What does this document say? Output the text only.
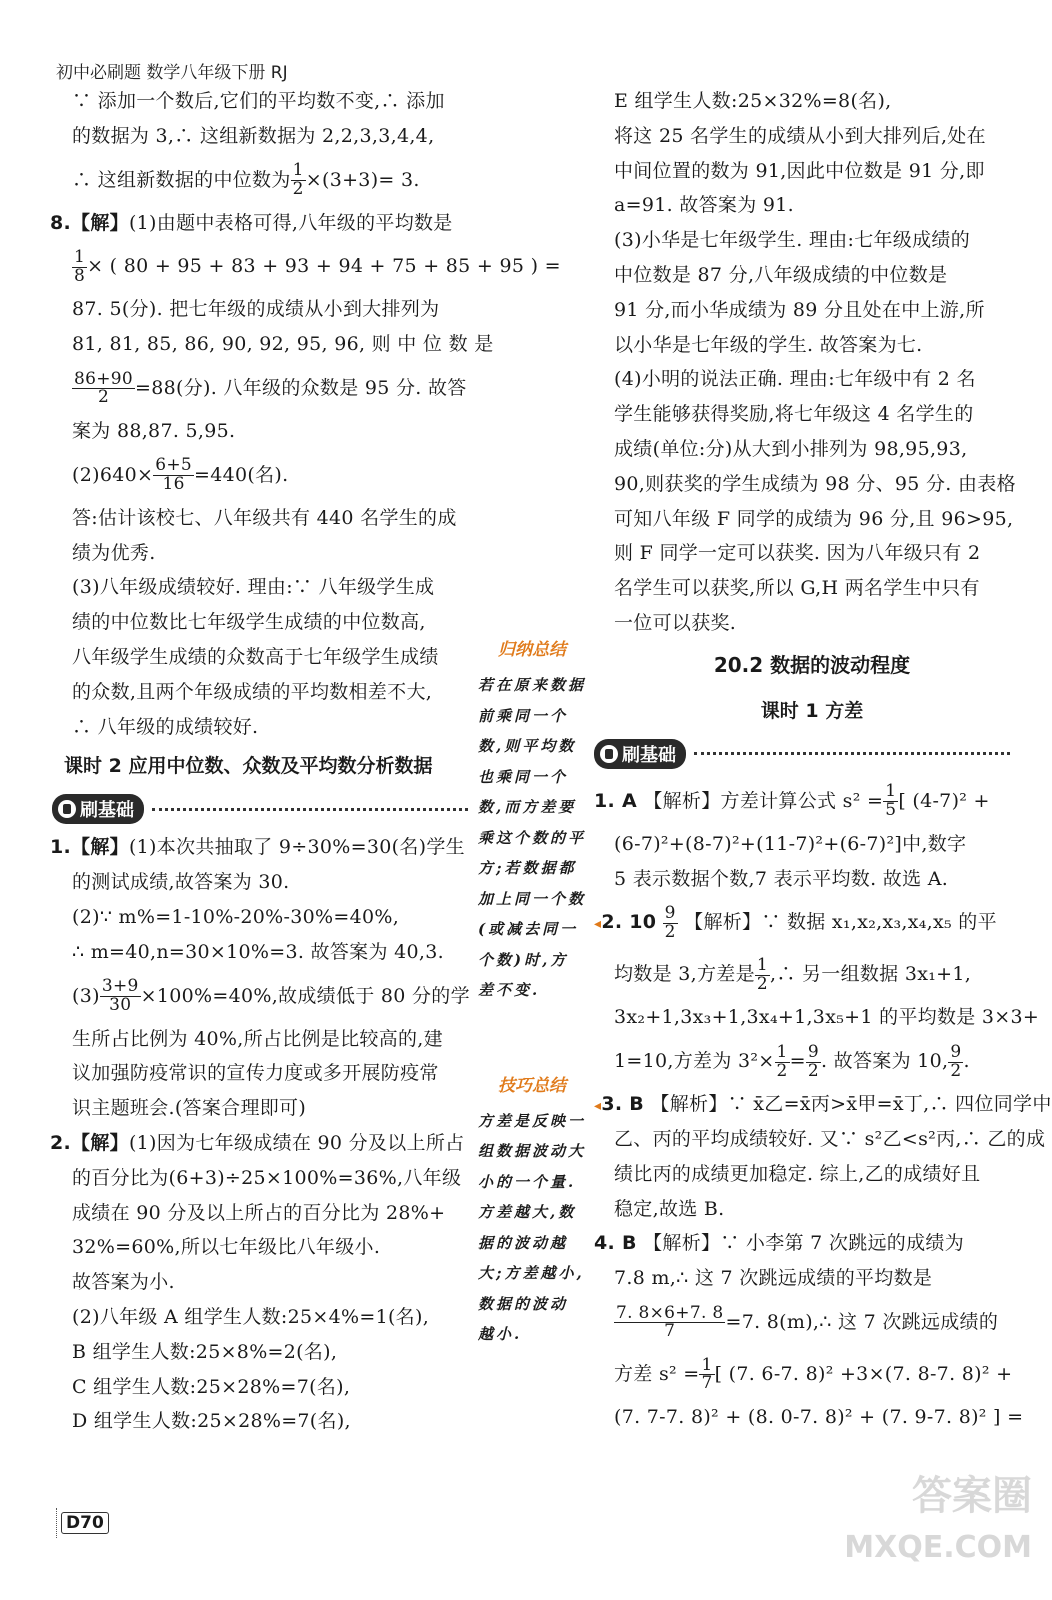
初中必刷题 数学八年级下册 RJ
∵ 添加一个数后,它们的平均数不变,∴ 添加
的数据为 3,∴ 这组新数据为 2,2,3,3,4,4,
∴ 这组新数据的中位数为 $\frac{1}{2} \times(3+3)= 3$.
8.【解】(1)由题中表格可得,八年级的平均数是
$\frac{1}{8}$ × ( 80 + 95 + 83 + 93 + 94 + 75 + 85 + 95 ) =
87. 5(分). 把七年级的成绩从小到大排列为
81, 81, 85, 86, 90, 92, 95, 96, 则 中 位 数 是
$\frac{86+90}{2} =88$(分). 八年级的众数是 95 分. 故答
案为 88,87. 5,95.
$(2)640\times \frac{6+5}{16} =440$(名).
答:估计该校七、八年级共有 440 名学生的成
绩为优秀.
(3)八年级成绩较好. 理由:∵ 八年级学生成
绩的中位数比七年级学生成绩的中位数高,
八年级学生成绩的众数高于七年级学生成绩
的众数,且两个年级成绩的平均数相差不大,
∴ 八年级的成绩较好.
课时 2 应用中位数、众数及平均数分析数据
刷基础
1.【解】(1)本次共抽取了 9÷30%=30(名)学生
的测试成绩,故答案为 30.
(2)∵ m%=1-10%-20%-30%=40%,
∴ m=40,n=30×10%=3. 故答案为 40,3.
$(3) \frac{3+9}{30} \times 100\%=40\%$,故成绩低于 80 分的学
生所占比例为 40%,所占比例是比较高的,建
议加强防疫常识的宣传力度或多开展防疫常
识主题班会.(答案合理即可)
2.【解】(1)因为七年级成绩在 90 分及以上所占
的百分比为(6+3)÷25×100%=36%,八年级
成绩在 90 分及以上所占的百分比为 28%+
32%=60%,所以七年级比八年级小.
故答案为小.
(2)八年级 A 组学生人数:25×4%=1(名),
B 组学生人数:25×8%=2(名),
C 组学生人数:25×28%=7(名),
D 组学生人数:25×28%=7(名),
归纳总结
若在原来数据
前乘同一个
数,则平均数
也乘同一个
数,而方差要
乘这个数的平
方;若数据都
加上同一个数
(或减去同一
个数)时,方
差不变.
技巧总结
方差是反映一
组数据波动大
小的一个量.
方差越大,数
据的波动越
大;方差越小,
数据的波动
越小.
E 组学生人数:25×32%=8(名),
将这 25 名学生的成绩从小到大排列后,处在
中间位置的数为 91,因此中位数是 91 分,即
a=91. 故答案为 91.
(3)小华是七年级学生. 理由:七年级成绩的
中位数是 87 分,八年级成绩的中位数是
91 分,而小华成绩为 89 分且处在中上游,所
以小华是七年级的学生. 故答案为七.
(4)小明的说法正确. 理由:七年级中有 2 名
学生能够获得奖励,将七年级这 4 名学生的
成绩(单位:分)从大到小排列为 98,95,93,
90,则获奖的学生成绩为 98 分、95 分. 由表格
可知八年级 F 同学的成绩为 96 分,且 96>95,
则 F 同学一定可以获奖. 因为八年级只有 2
名学生可以获奖,所以 G,H 两名学生中只有
一位可以获奖.
20.2 数据的波动程度
课时 1 方差
刷基础
1. A 【解析】方差计算公式 $s^2 = \frac{1}{5}$ [ (4-7)² +
(6-7)²+(8-7)²+(11-7)²+(6-7)²]中,数字
5 表示数据个数,7 表示平均数. 故选 A.
◂2. $10 \frac{9}{2}$ 【解析】∵ 数据 x₁,x₂,x₃,x₄,x₅ 的平
均数是 3,方差是 $\frac{1}{2}$ ,∴ 另一组数据 3x₁+1,
3x₂+1,3x₃+1,3x₄+1,3x₅+1 的平均数是 3×3+
1=10,方差为 $3^2\times \frac{1}{2} = \frac{9}{2}$ . 故答案为 10, $\frac{9}{2}$ .
◂3. B 【解析】∵ x̄乙=x̄丙>x̄甲=x̄丁,∴ 四位同学中
乙、丙的平均成绩较好. 又∵ s²乙<s²丙,∴ 乙的成
绩比丙的成绩更加稳定. 综上,乙的成绩好且
稳定,故选 B.
4. B 【解析】∵ 小李第 7 次跳远的成绩为
7.8 m,∴ 这 7 次跳远成绩的平均数是
$\frac{7. 8\times 6+7. 8}{7} =7$. 8(m),∴ 这 7 次跳远成绩的
方差 $s^2 = \frac{1}{7}$ [ (7. 6-7. 8)² +3×(7. 8-7. 8)² +
(7. 7-7. 8)² + (8. 0-7. 8)² + (7. 9-7. 8)² ] =
D70
答案圈
MXQE.COM
